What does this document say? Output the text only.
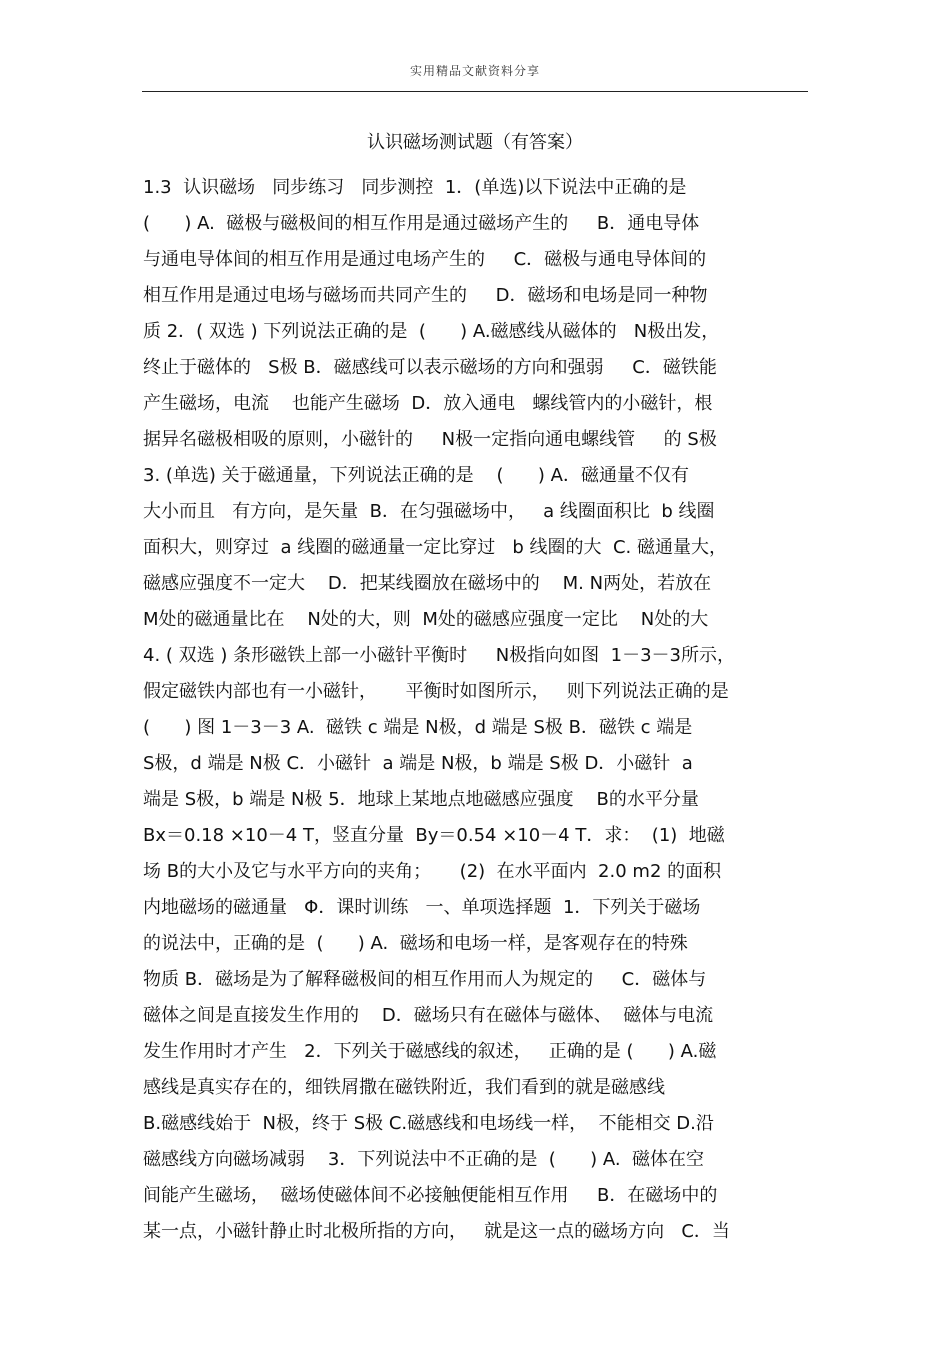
实用精品文献资料分享
认识磁场测试题（有答案）
1.3  认识磁场   同步练习   同步测控  1．(单选)以下说法中正确的是
(      ) A.  磁极与磁极间的相互作用是通过磁场产生的     B．通电导体
与通电导体间的相互作用是通过电场产生的     C．磁极与通电导体间的
相互作用是通过电场与磁场而共同产生的     D．磁场和电场是同一种物
质 2．( 双选 ) 下列说法正确的是  (      ) A.磁感线从磁体的   N极出发，
终止于磁体的   S极 B．磁感线可以表示磁场的方向和强弱     C．磁铁能
产生磁场，电流    也能产生磁场  D．放入通电   螺线管内的小磁针，根
据异名磁极相吸的原则，小磁针的     N极一定指向通电螺线管     的 S极
3. (单选) 关于磁通量，下列说法正确的是    (      ) A．磁通量不仅有
大小而且   有方向，是矢量  B．在匀强磁场中，   a 线圈面积比  b 线圈
面积大，则穿过  a 线圈的磁通量一定比穿过   b 线圈的大  C. 磁通量大，
磁感应强度不一定大    D．把某线圈放在磁场中的    M. N两处，若放在
M处的磁通量比在    N处的大，则  M处的磁感应强度一定比    N处的大
4. ( 双选 ) 条形磁铁上部一小磁针平衡时     N极指向如图  1－3－3所示，
假定磁铁内部也有一小磁针，     平衡时如图所示，   则下列说法正确的是
(      ) 图 1－3－3 A.  磁铁 c 端是 N极，d 端是 S极 B．磁铁 c 端是
S极，d 端是 N极 C．小磁针  a 端是 N极，b 端是 S极 D．小磁针  a
端是 S极，b 端是 N极 5．地球上某地点地磁感应强度    B的水平分量
Bx＝0.18 ×10－4 T，竖直分量  By＝0.54 ×10－4 T．求：  (1)  地磁
场 B的大小及它与水平方向的夹角；     (2)  在水平面内  2.0 m2 的面积
内地磁场的磁通量   Φ．课时训练   一、单项选择题  1．下列关于磁场
的说法中，正确的是  (      ) A.  磁场和电场一样，是客观存在的特殊
物质 B．磁场是为了解释磁极间的相互作用而人为规定的     C．磁体与
磁体之间是直接发生作用的    D．磁场只有在磁体与磁体、  磁体与电流
发生作用时才产生   2．下列关于磁感线的叙述，   正确的是 (      ) A.磁
感线是真实存在的，细铁屑撒在磁铁附近，我们看到的就是磁感线
B.磁感线始于  N极，终于 S极 C.磁感线和电场线一样，  不能相交 D.沿
磁感线方向磁场减弱    3．下列说法中不正确的是  (      ) A.  磁体在空
间能产生磁场，  磁场使磁体间不必接触便能相互作用     B．在磁场中的
某一点，小磁针静止时北极所指的方向，   就是这一点的磁场方向   C．当
